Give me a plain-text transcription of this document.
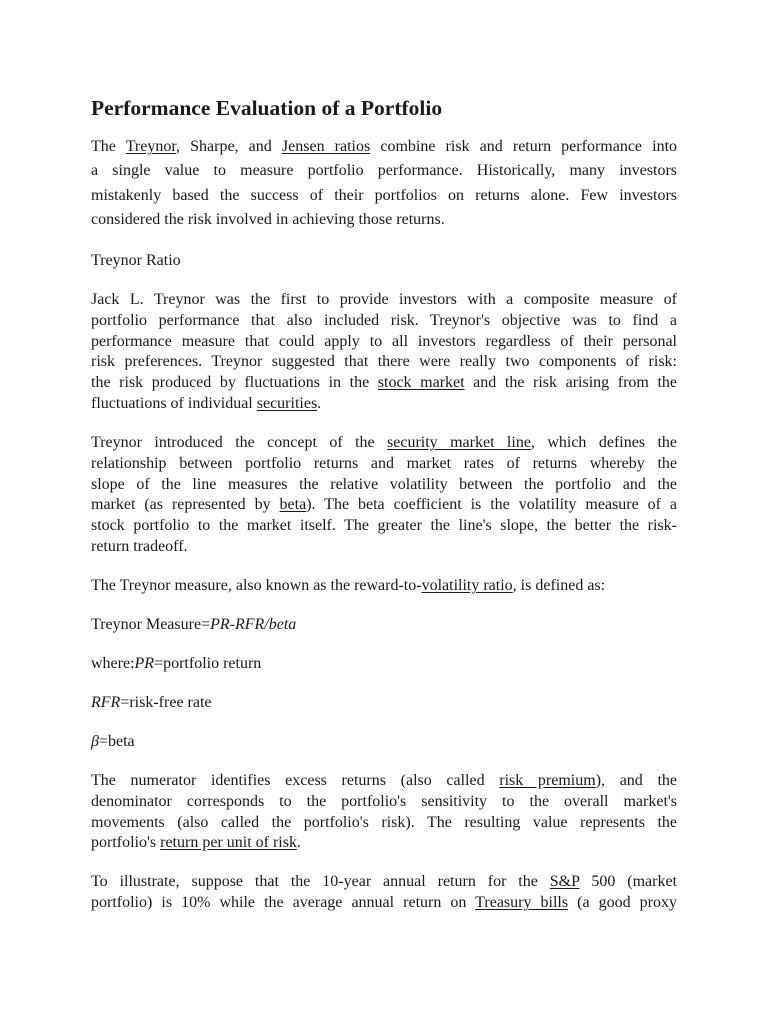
Performance Evaluation of a Portfolio

The Treynor, Sharpe, and Jensen ratios combine risk and return performance into
a single value to measure portfolio performance. Historically, many investors
mistakenly based the success of their portfolios on returns alone. Few investors
considered the risk involved in achieving those returns.

Treynor Ratio

Jack L. Treynor was the first to provide investors with a composite measure of
portfolio performance that also included risk. Treynor's objective was to find a
performance measure that could apply to all investors regardless of their personal
risk preferences. Treynor suggested that there were really two components of risk:
the risk produced by fluctuations in the stock market and the risk arising from the
fluctuations of individual securities.

Treynor introduced the concept of the security market line, which defines the
relationship between portfolio returns and market rates of returns whereby the
slope of the line measures the relative volatility between the portfolio and the
market (as represented by beta). The beta coefficient is the volatility measure of a
stock portfolio to the market itself. The greater the line's slope, the better the risk-
return tradeoff.

The Treynor measure, also known as the reward-to-volatility ratio, is defined as:

Treynor Measure=PR-RFR/beta

where:PR=portfolio return

RFR=risk-free rate

β=beta

The numerator identifies excess returns (also called risk premium), and the
denominator corresponds to the portfolio's sensitivity to the overall market's
movements (also called the portfolio's risk). The resulting value represents the
portfolio's return per unit of risk.

To illustrate, suppose that the 10-year annual return for the S&P 500 (market
portfolio) is 10% while the average annual return on Treasury bills (a good proxy
